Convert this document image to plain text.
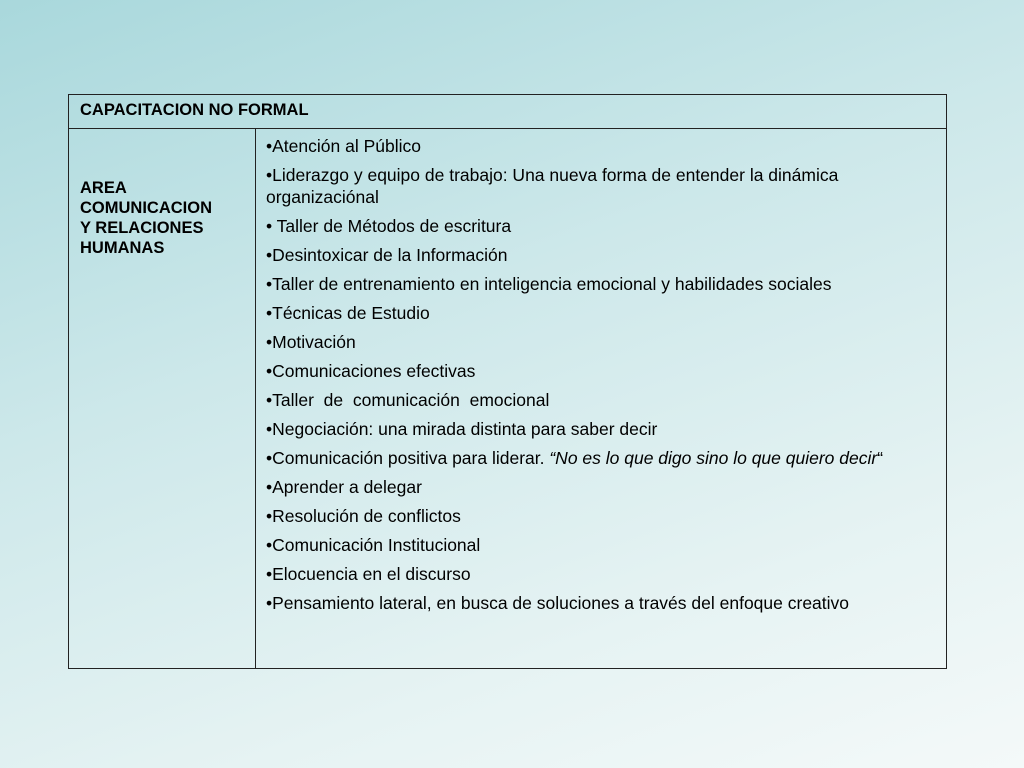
CAPACITACION NO FORMAL
AREA
COMUNICACION
Y RELACIONES
HUMANAS
•Atención al Público
•Liderazgo y equipo de trabajo: Una nueva forma de entender la dinámica organizaciónal
• Taller de Métodos de escritura
•Desintoxicar de la Información
•Taller de entrenamiento en inteligencia emocional y habilidades sociales
•Técnicas de Estudio
•Motivación
•Comunicaciones efectivas
•Taller  de  comunicación  emocional
•Negociación: una mirada distinta para saber decir
•Comunicación positiva para liderar. “No es lo que digo sino lo que quiero decir“
•Aprender a delegar
•Resolución de conflictos
•Comunicación Institucional
•Elocuencia en el discurso
•Pensamiento lateral, en busca de soluciones a través del enfoque creativo
